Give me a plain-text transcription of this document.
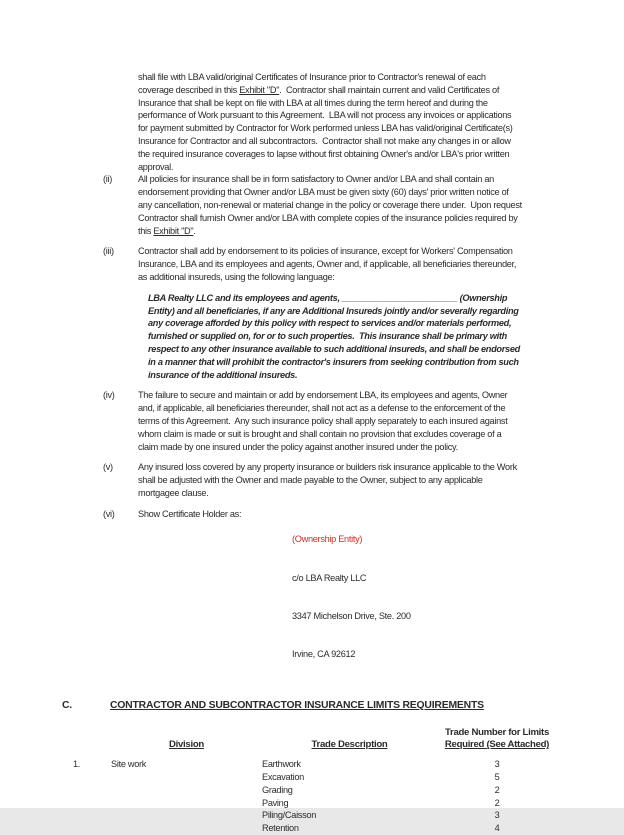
shall file with LBA valid/original Certificates of Insurance prior to Contractor's renewal of each coverage described in this Exhibit "D".  Contractor shall maintain current and valid Certificates of Insurance that shall be kept on file with LBA at all times during the term hereof and during the performance of Work pursuant to this Agreement.  LBA will not process any invoices or applications for payment submitted by Contractor for Work performed unless LBA has valid/original Certificate(s) Insurance for Contractor and all subcontractors.  Contractor shall not make any changes in or allow the required insurance coverages to lapse without first obtaining Owner's and/or LBA's prior written approval.
(ii)	All policies for insurance shall be in form satisfactory to Owner and/or LBA and shall contain an endorsement providing that Owner and/or LBA must be given sixty (60) days' prior written notice of any cancellation, non-renewal or material change in the policy or coverage there under.  Upon request Contractor shall furnish Owner and/or LBA with complete copies of the insurance policies required by this Exhibit "D".
(iii)	Contractor shall add by endorsement to its policies of insurance, except for Workers' Compensation Insurance, LBA and its employees and agents, Owner and, if applicable, all beneficiaries thereunder, as additional insureds, using the following language:
LBA Realty LLC and its employees and agents, ________________________ (Ownership Entity) and all beneficiaries, if any are Additional Insureds jointly and/or severally regarding any coverage afforded by this policy with respect to services and/or materials performed, furnished or supplied on, for or to such properties.  This insurance shall be primary with respect to any other insurance available to such additional insureds, and shall be endorsed in a manner that will prohibit the contractor's insurers from seeking contribution from such insurance of the additional insureds.
(iv)	The failure to secure and maintain or add by endorsement LBA, its employees and agents, Owner and, if applicable, all beneficiaries thereunder, shall not act as a defense to the enforcement of the terms of this Agreement.  Any such insurance policy shall apply separately to each insured against whom claim is made or suit is brought and shall contain no provision that excludes coverage of a claim made by one insured under the policy against another insured under the policy.
(v)	Any insured loss covered by any property insurance or builders risk insurance applicable to the Work shall be adjusted with the Owner and made payable to the Owner, subject to any applicable mortgagee clause.
(vi)	Show Certificate Holder as:

(Ownership Entity)

c/o LBA Realty LLC

3347 Michelson Drive, Ste. 200

Irvine, CA 92612

C.	CONTRACTOR AND SUBCONTRACTOR INSURANCE LIMITS REQUIREMENTS
Division	Trade Description
Trade Number for Limits
Required (See Attached)
1.	Site work	Earthwork	3
Excavation	5
Grading	2
Paving	2
Piling/Caisson	3
Retention	4
